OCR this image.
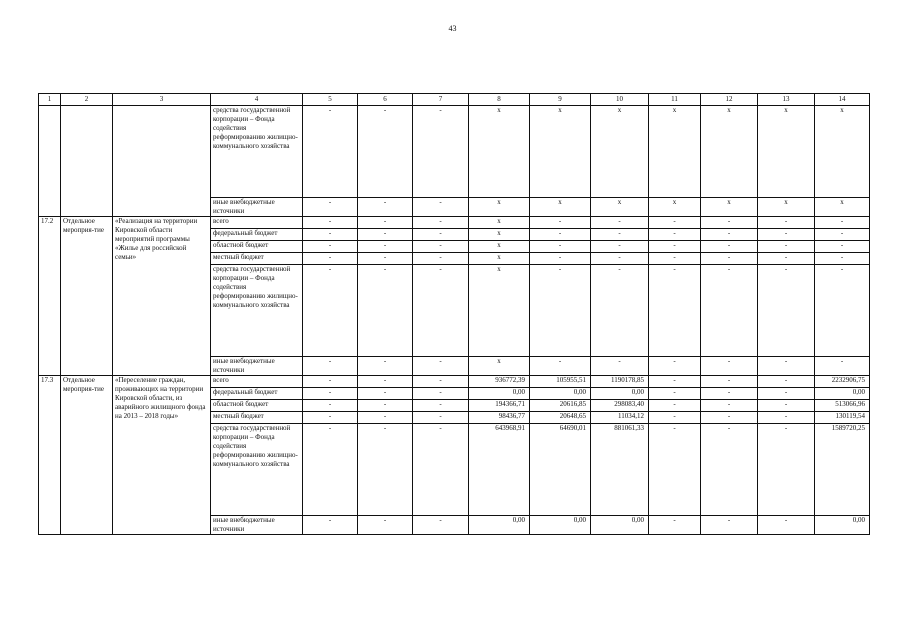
43
1	2	3	4	5	6	7	8	9	10	11	12	13	14
			средства государственной корпорации – Фонда содействия реформированию жилищно-коммунального хозяйства	-	-	-	x	x	x	x	x	x	x
			иные внебюджетные источники	-	-	-	x	x	x	x	x	x	x
17.2	Отдельное мероприя-тие	«Реализация на территории Кировской области мероприятий программы «Жилье для российской семьи»	всего	-	-	-	x	-	-	-	-	-	-
			федеральный бюджет	-	-	-	x	-	-	-	-	-	-
			областной бюджет	-	-	-	x	-	-	-	-	-	-
			местный бюджет	-	-	-	x	-	-	-	-	-	-
			средства государственной корпорации – Фонда содействия реформированию жилищно-коммунального хозяйства	-	-	-	x	-	-	-	-	-	-
			иные внебюджетные источники	-	-	-	x	-	-	-	-	-	-
17.3	Отдельное мероприя-тие	«Переселение граждан, проживающих на территории Кировской области, из аварийного жилищного фонда на 2013 – 2018 годы»	всего	-	-	-	936772,39	105955,51	1190178,85	-	-	-	2232906,75
			федеральный бюджет	-	-	-	0,00	0,00	0,00	-	-	-	0,00
			областной бюджет	-	-	-	194366,71	20616,85	298083,40	-	-	-	513066,96
			местный бюджет	-	-	-	98436,77	20648,65	11034,12	-	-	-	130119,54
			средства государственной корпорации – Фонда содействия реформированию жилищно-коммунального хозяйства	-	-	-	643968,91	64690,01	881061,33	-	-	-	1589720,25
			иные внебюджетные источники	-	-	-	0,00	0,00	0,00	-	-	-	0,00
